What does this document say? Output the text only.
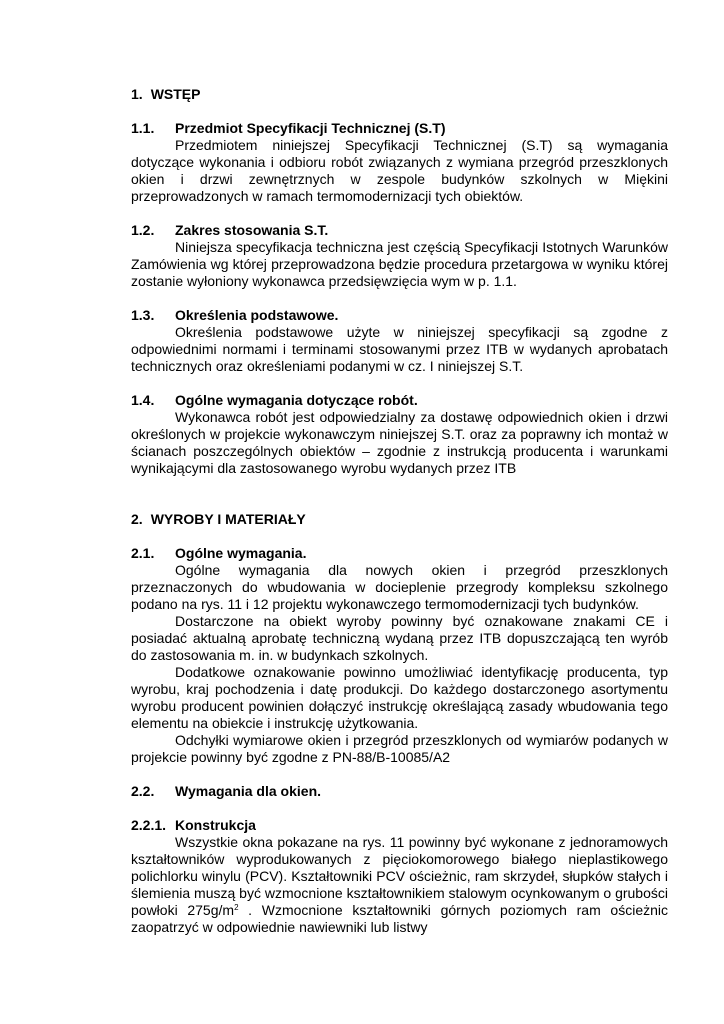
1. WSTĘP
1.1.	Przedmiot Specyfikacji Technicznej (S.T)

Przedmiotem niniejszej Specyfikacji Technicznej (S.T) są wymagania dotyczące wykonania i odbioru robót związanych z wymiana przegród przeszklonych okien i drzwi zewnętrznych w zespole budynków szkolnych w Miękini przeprowadzonych w ramach termomodernizacji tych obiektów.

1.2.	Zakres stosowania S.T.

Niniejsza specyfikacja techniczna jest częścią Specyfikacji Istotnych Warunków Zamówienia wg której przeprowadzona będzie procedura przetargowa w wyniku której zostanie wyłoniony wykonawca przedsięwzięcia wym w p. 1.1.

1.3.	Określenia podstawowe.

Określenia podstawowe użyte w niniejszej specyfikacji są zgodne z odpowiednimi normami i terminami stosowanymi przez ITB w wydanych aprobatach technicznych oraz określeniami podanymi w cz. I niniejszej S.T.

1.4.	Ogólne wymagania dotyczące robót.

Wykonawca robót jest odpowiedzialny za dostawę odpowiednich okien i drzwi określonych w projekcie wykonawczym niniejszej S.T. oraz za poprawny ich montaż w ścianach poszczególnych obiektów – zgodnie z instrukcją producenta i warunkami wynikającymi dla zastosowanego wyrobu wydanych przez ITB

2. WYROBY I MATERIAŁY
2.1.	Ogólne wymagania.

Ogólne wymagania dla nowych okien i przegród przeszklonych przeznaczonych do wbudowania w docieplenie przegrody kompleksu szkolnego podano na rys. 11 i 12 projektu wykonawczego termomodernizacji tych budynków.

Dostarczone na obiekt wyroby powinny być oznakowane znakami CE i posiadać aktualną aprobatę techniczną wydaną przez ITB dopuszczającą ten wyrób do zastosowania m. in. w budynkach szkolnych.

Dodatkowe oznakowanie powinno umożliwiać identyfikację producenta, typ wyrobu, kraj pochodzenia i datę produkcji. Do każdego dostarczonego asortymentu wyrobu producent powinien dołączyć instrukcję określającą zasady wbudowania tego elementu na obiekcie i instrukcję użytkowania.

Odchyłki wymiarowe okien i przegród przeszklonych od wymiarów podanych w projekcie powinny być zgodne z PN-88/B-10085/A2

2.2.	Wymagania dla okien.
2.2.1. Konstrukcja

Wszystkie okna pokazane na rys. 11 powinny być wykonane z jednoramowych kształtowników wyprodukowanych z pięciokomorowego białego nieplastikowego polichlorku winylu (PCV). Kształtowniki PCV ościeżnic, ram skrzydeł, słupków stałych i ślemienia muszą być wzmocnione kształtownikiem stalowym ocynkowanym o grubości powłoki $275g/m^2$ . Wzmocnione kształtowniki górnych poziomych ram ościeżnic zaopatrzyć w odpowiednie nawiewniki lub listwy
